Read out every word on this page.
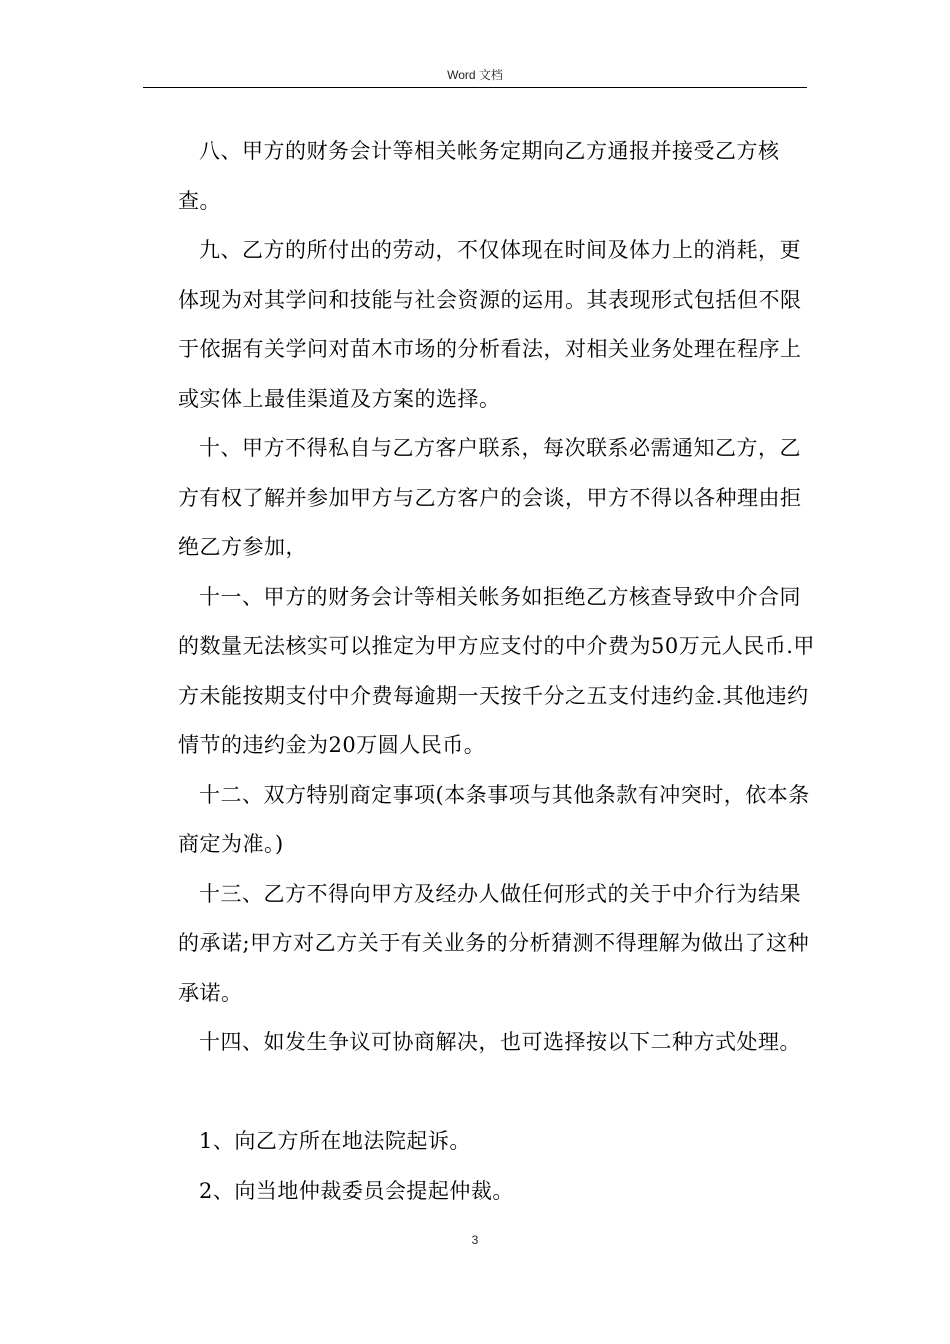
Word 文档

八、甲方的财务会计等相关帐务定期向乙方通报并接受乙方核查。

九、乙方的所付出的劳动，不仅体现在时间及体力上的消耗，更体现为对其学问和技能与社会资源的运用。其表现形式包括但不限于依据有关学问对苗木市场的分析看法，对相关业务处理在程序上或实体上最佳渠道及方案的选择。

十、甲方不得私自与乙方客户联系，每次联系必需通知乙方，乙方有权了解并参加甲方与乙方客户的会谈，甲方不得以各种理由拒绝乙方参加，

十一、甲方的财务会计等相关帐务如拒绝乙方核查导致中介合同的数量无法核实可以推定为甲方应支付的中介费为50万元人民币.甲方未能按期支付中介费每逾期一天按千分之五支付违约金.其他违约情节的违约金为20万圆人民币。

十二、双方特别商定事项(本条事项与其他条款有冲突时，依本条商定为准。)

十三、乙方不得向甲方及经办人做任何形式的关于中介行为结果的承诺;甲方对乙方关于有关业务的分析猜测不得理解为做出了这种承诺。

十四、如发生争议可协商解决，也可选择按以下二种方式处理。

1、向乙方所在地法院起诉。

2、向当地仲裁委员会提起仲裁。

3
